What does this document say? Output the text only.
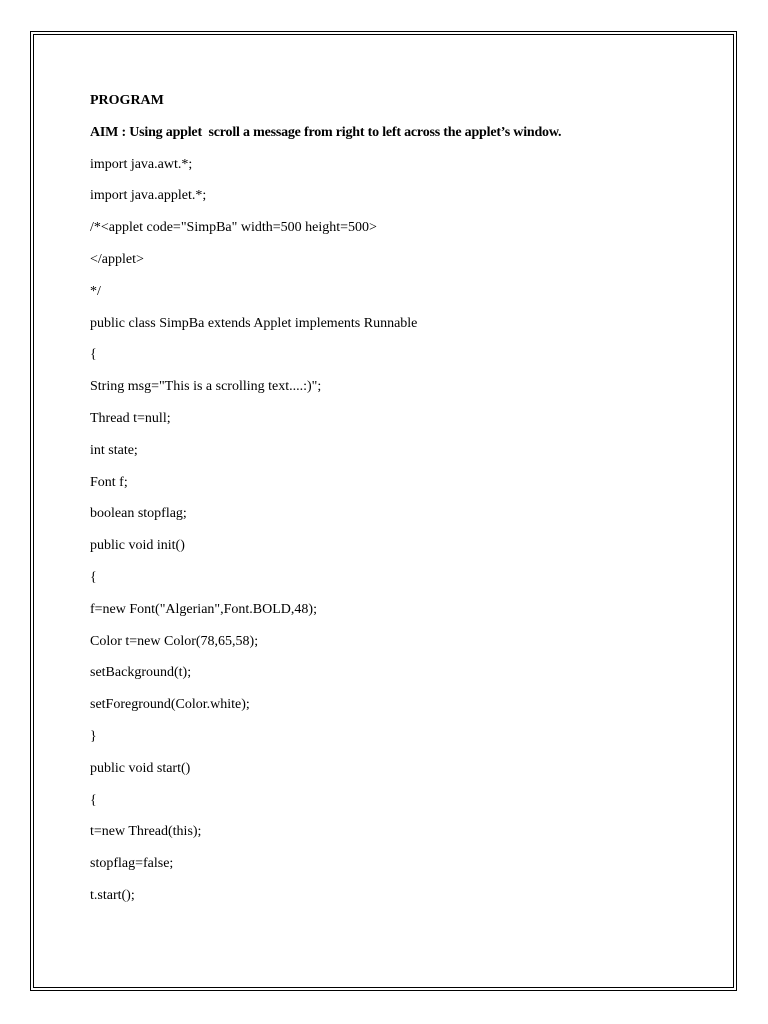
PROGRAM
AIM : Using applet  scroll a message from right to left across the applet’s window.
import java.awt.*;
import java.applet.*;
/*<applet code="SimpBa" width=500 height=500>
</applet>
*/
public class SimpBa extends Applet implements Runnable
{
String msg="This is a scrolling text....:)";
Thread t=null;
int state;
Font f;
boolean stopflag;
public void init()
{
f=new Font("Algerian",Font.BOLD,48);
Color t=new Color(78,65,58);
setBackground(t);
setForeground(Color.white);
}
public void start()
{
t=new Thread(this);
stopflag=false;
t.start();
